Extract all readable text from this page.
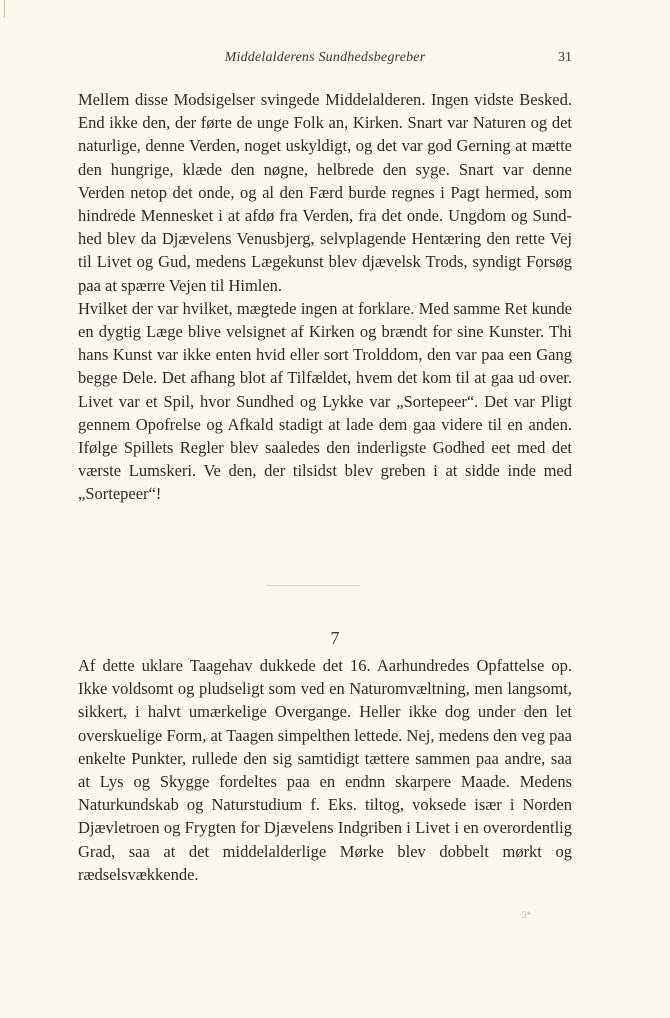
Middelalderens Sundhedsbegreber	31

Mellem disse Modsigelser svingede Middelalderen. Ingen vidste Besked. End ikke den, der førte de unge Folk an, Kirken. Snart var Naturen og det naturlige, denne Verden, noget uskyldigt, og det var god Gerning at mætte den hungrige, klæde den nøgne, helbrede den syge. Snart var denne Verden netop det onde, og al den Færd burde regnes i Pagt hermed, som hindrede Mennesket i at afdø fra Verden, fra det onde. Ungdom og Sundhed blev da Djævelens Venusbjerg, selvplagende Hentæring den rette Vej til Livet og Gud, medens Lægekunst blev djævelsk Trods, syndigt Forsøg paa at spærre Vejen til Himlen.

Hvilket der var hvilket, mægtede ingen at forklare. Med samme Ret kunde en dygtig Læge blive velsignet af Kirken og brændt for sine Kunster. Thi hans Kunst var ikke enten hvid eller sort Trolddom, den var paa een Gang begge Dele. Det afhang blot af Tilfældet, hvem det kom til at gaa ud over. Livet var et Spil, hvor Sundhed og Lykke var „Sortepeer“. Det var Pligt gennem Opofrelse og Afkald stadigt at lade dem gaa videre til en anden. Ifølge Spillets Regler blev saaledes den inderligste Godhed eet med det værste Lumskeri. Ve den, der tilsidst blev greben i at sidde inde med „Sortepeer“!

7

Af dette uklare Taagehav dukkede det 16. Aarhundredes Opfattelse op. Ikke voldsomt og pludseligt som ved en Naturomvæltning, men langsomt, sikkert, i halvt umærkelige Overgange. Heller ikke dog under den let overskuelige Form, at Taagen simpelthen lettede. Nej, medens den veg paa enkelte Punkter, rullede den sig samtidigt tættere sammen paa andre, saa at Lys og Skygge fordeltes paa en endnn skarpere Maade. Medens Naturkundskab og Naturstudium f. Eks. tiltog, voksede især i Norden Djævletroen og Frygten for Djævelens Indgriben i Livet i en overordentlig Grad, saa at det middelalderlige Mørke blev dobbelt mørkt og rædselsvækkende.

3*
